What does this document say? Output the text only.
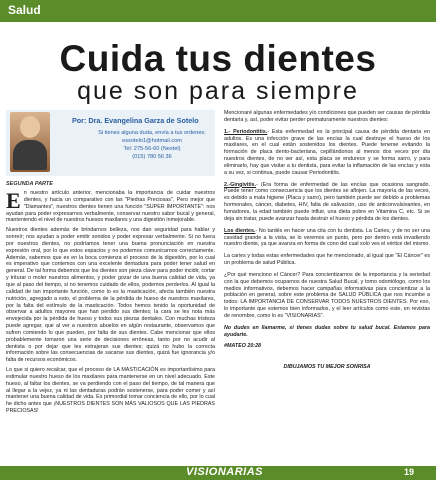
Salud
Cuida tus dientes
que son para siempre
Por: Dra. Evangelina Garza de Sotelo
Si tienes alguna duda, envía a tus ordenes:
essotelo1@hotmail.com
Tel: 275-56-60 (Nextel)
(015) 780 56 36
SEGUNDA PARTE

En nuestro artículo anterior, mencionaba la importancia de cuidar nuestros dientes, y hacia un comparativo con las "Piedras Preciosas". Pero mejor que "Diamantes", nuestros dientes tienen una función "SUPER IMPORTANTE": nos ayudan para poder expresarnos verbalmente, conservar nuestro sabor bucal y general, manteniendo el nivel de nuestros huesos maxilares y una digestión inmejorable.

Nuestros dientes además de brindarnos belleza, nos dan seguridad para hablar y sonreír; nos ayudan a poder emitir sonidos y poder expresar verbalmente. Si no fuera por nuestros dientes, no podríamos tener una buena pronunciación en nuestra expresión oral, por lo que estos espacios y no podemos comunicarnos correctamente. Además, sabemos que es en la boca comienza el proceso de la digestión, por lo cual es imperativo que contemos con una excelente dentadura para poder tener salud en general. De tal forma debemos que los dientes son pieza clave para poder incidir, cortar y triturar o moler nuestros alimentos, y poder gozar de una buena calidad de vida, ya que al paso del tiempo, si no tenemos cuidado de ellos, podemos perderlos. Al igual la calidad de tan importante función, como lo es la masticación, afecta también nuestra nutrición, agregado a esto, el problema de la pérdida de hueso de nuestros maxilares, por la falta del estímulo de la masticación. Todos hemos tenido la oportunidad de observar a adultos mayores que han perdido sus dientes; la cara se les nota más envejecida por la pérdida de hueso y todos sus piezas dentales. Con muchas tristeza puede agregar, que al ver a nuestros abuelos en algún restaurante, observamos que sufren comiendo lo que pueden, por falta de sus dientes. Cabe mencionar que ellos probablemente tomaron una serie de decisiones erróneas, tanto por no acudir al dentista o por dejar que les extrajeran sus dientes; quizá no hubo la correcta información sobre las consecuencias de sacarse sus dientes, quizá fue ignorancia y/o falta de recursos económicos.

Lo que si quiero recalcar, que el proceso de LA MASTICACIÓN es importantísimo para estimular nuestro hueso de los maxilares para mantenerse en un nivel adecuado. Este hueso, al faltar los dientes, se va perdiendo con el paso del tiempo, de tal manera que al llegar a la vejez, ya ni las dentaduras podrán sostenerse, para poder comer y así mantener una buena calidad de vida. Es primordial tomar conciencia de ello, por lo cual he dicho antes que ¡NUESTROS DIENTES SON MÁS VALIOSOS QUE LAS PIEDRAS PRECIOSAS!

Mencionaré algunas enfermedades y/o condiciones que pueden ser causas de pérdida dentaria y, así, poder evitar perder prematuramente nuestros dientes:

1.- Periodontitis.- Esta enfermedad es la principal causa de pérdida dentaria en adultos. Es una infección grave de las encías la cual destruye el hueso de los maxilares, en el cual están sostenidos los dientes. Puede tenerse evitando la formación de placa dento-bacteriana, cepillándonos al menos dos veces por día nuestros dientes, de no ser así, esta placa se endurece y se forma sarro, y para eliminarlo, hay que visitar a tu dentista, para evitar la inflamación de las encías y esta a su vez, si continua, puede causar Periodontitis.

2.-Gingivitis.- (Era forma de enfermedad de las encías que ocasiona sangrado. Puede tener como consecuencia que los dientes se aflojen. La mayoría de las veces, es debido a mala higiene (Placa y sarro), pero también puede ser debido a problemas hormonales, cáncer, diabetes, HIV, falta de salivación, uso de anticonvulsivantes, en fumadores, la edad también puede influir, una dieta pobre en Vitamina C, etc. Si se deja sin tratar, puede avanzar hasta destruir el hueso y pérdida de los dientes.

Los dientes.- No tardés en hacer una cita con tu dentista. La Caries, y de no ser una cavidad grande a la vista, se lo veremos un punto, pero por dentro está invadiendo nuestro diente, ya que avanza en forma de cono del cual solo ves el vértice del mismo.

La caries y todas estas enfermedades que he mencionado, al igual que "El Cáncer" es un problema de salud Pública.

¿Por qué menciono el Cáncer? Para concientizarnos de la importancia y la seriedad con la que debemos ocuparnos de nuestra Salud Bucal, y tomo odontólogo, como los medios informativos, debemos hacer campañas informativas para concientizar a la población en general, sobre este problema de SALUD PÚBLICA que nos incumbe a todos: LA IMPORTANCIA DE CONSERVAR TODOS NUESTROS DIENTES. Por eso, lo importante que estemos bien informados, y el leer artículos como este, en revistas de renombre, como lo es "VISIONARIAS".

No dudes en llamarme, si tienes dudas sobre tu salud bucal. Estamos para ayudarte.

#MATEO 20:28

DIBUJAMOS TU MEJOR SONRISA

VISIONARIAS	19
